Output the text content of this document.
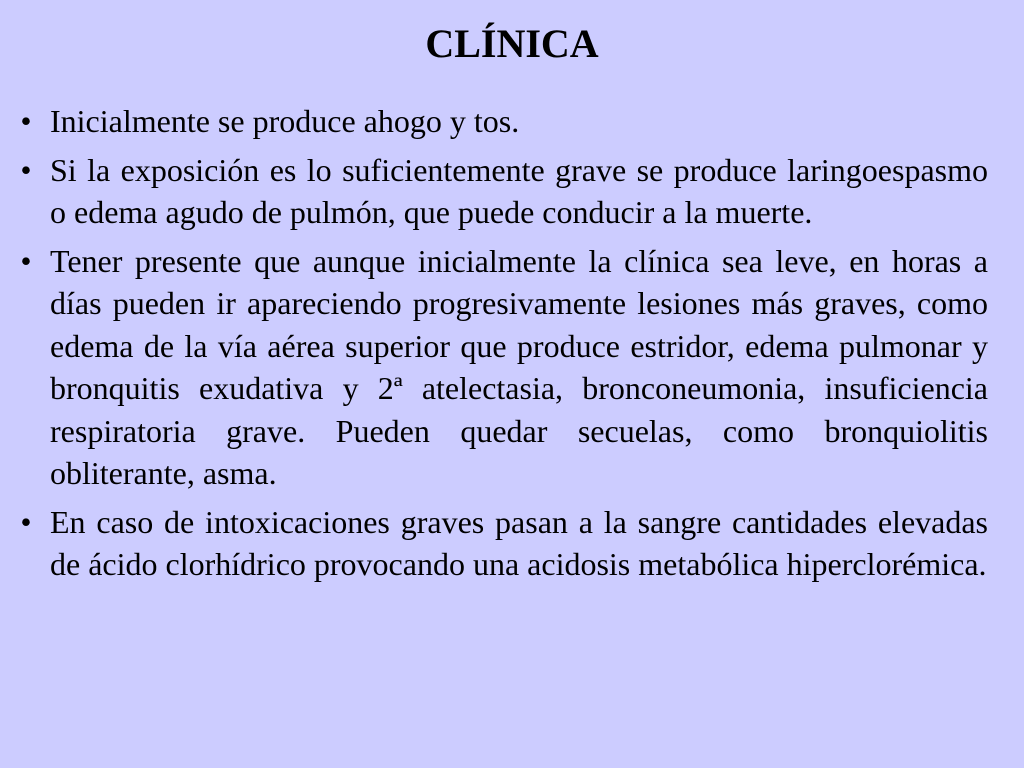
CLÍNICA
• Inicialmente se produce ahogo y tos.
• Si la exposición es lo suficientemente grave se produce laringoespasmo o edema agudo de pulmón, que puede conducir a la muerte.
• Tener presente que aunque inicialmente la clínica sea leve, en horas a días pueden ir apareciendo progresivamente lesiones más graves, como edema de la vía aérea superior que produce estridor, edema pulmonar y bronquitis exudativa y 2ª atelectasia, bronconeumonia, insuficiencia respiratoria grave. Pueden quedar secuelas, como bronquiolitis obliterante, asma.
• En caso de intoxicaciones graves pasan a la sangre cantidades elevadas de ácido clorhídrico provocando una acidosis metabólica hiperclorémica.
